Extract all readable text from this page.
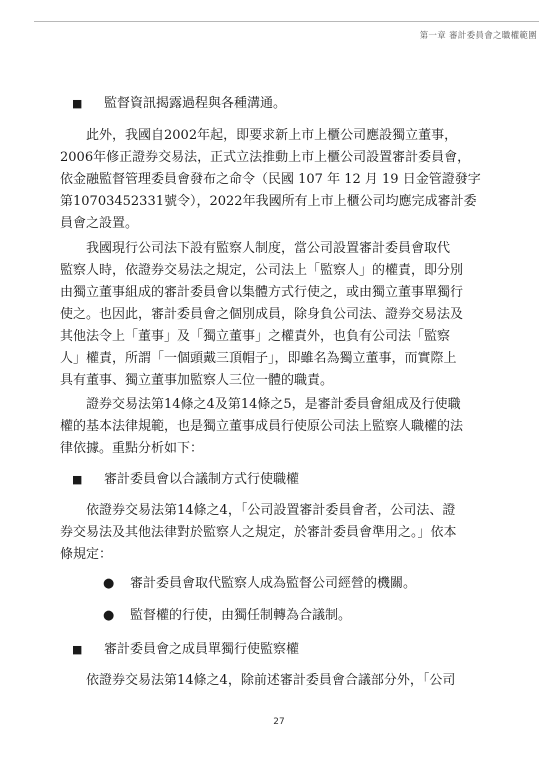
第一章 審計委員會之職權範圍
■ 監督資訊揭露過程與各種溝通。
　　此外，我國自2002年起，即要求新上市上櫃公司應設獨立董事，
2006年修正證券交易法，正式立法推動上市上櫃公司設置審計委員會，
依金融監督管理委員會發布之命令（民國 107 年 12 月 19 日金管證發字
第10703452331號令），2022年我國所有上市上櫃公司均應完成審計委
員會之設置。
　　我國現行公司法下設有監察人制度，當公司設置審計委員會取代
監察人時，依證券交易法之規定，公司法上「監察人」的權責，即分別
由獨立董事組成的審計委員會以集體方式行使之，或由獨立董事單獨行
使之。也因此，審計委員會之個別成員，除身負公司法、證券交易法及
其他法令上「董事」及「獨立董事」之權責外，也負有公司法「監察
人」權責，所謂「一個頭戴三頂帽子」，即雖名為獨立董事，而實際上
具有董事、獨立董事加監察人三位一體的職責。
　　證券交易法第14條之4及第14條之5，是審計委員會組成及行使職
權的基本法律規範，也是獨立董事成員行使原公司法上監察人職權的法
律依據。重點分析如下：
■ 審計委員會以合議制方式行使職權
　　依證券交易法第14條之4，「公司設置審計委員會者，公司法、證
券交易法及其他法律對於監察人之規定，於審計委員會準用之。」依本
條規定：
● 審計委員會取代監察人成為監督公司經營的機關。
● 監督權的行使，由獨任制轉為合議制。
■ 審計委員會之成員單獨行使監察權
　　依證券交易法第14條之4，除前述審計委員會合議部分外，「公司
27
